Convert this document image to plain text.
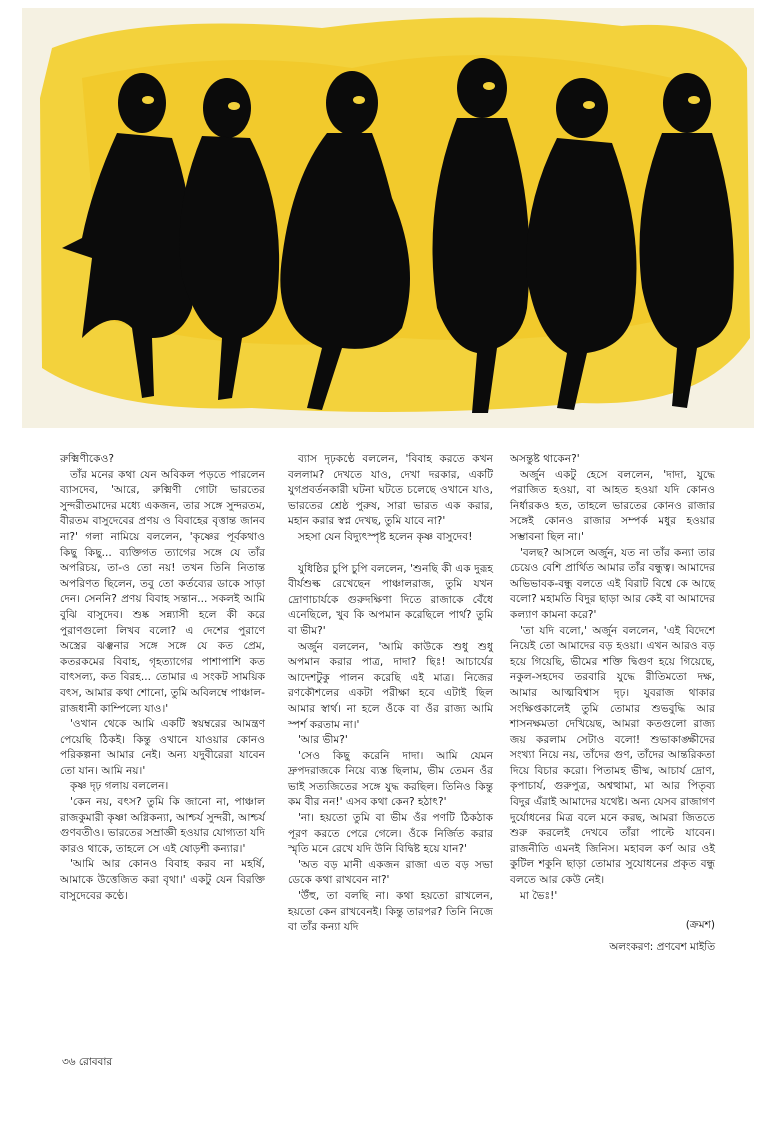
রুক্মিণীকেও?

তাঁর মনের কথা যেন অবিকল পড়তে পারলেন ব্যাসদেব, 'আরে, রুক্মিণী গোটা ভারতের সুন্দরীতমাদের মধ্যে একজন, তার সঙ্গে সুন্দরতম, বীরতম বাসুদেবের প্রণয় ও বিবাহের বৃত্তান্ত জানব না?' গলা নামিয়ে বললেন, 'কৃষ্ণের পূর্বকথাও কিছু কিছু... ব্যক্তিগত ত্যাগের সঙ্গে যে তাঁর অপরিচয়, তা-ও তো নয়! তখন তিনি নিতান্ত অপরিণত ছিলেন, তবু তো কর্তব্যের ডাকে সাড়া দেন। সেননি? প্রণয় বিবাহ সন্তান... সকলই আমি বুঝি বাসুদেব। শুষ্ক সন্ন্যাসী হলে কী করে পুরাণগুলো লিখব বলো? এ দেশের পুরাণে অস্ত্রের ঝঞ্ঝনার সঙ্গে সঙ্গে যে কত প্রেম, কতরকমের বিবাহ, গৃহত্যাগের পাশাপাশি কত বাৎসল্য, কত বিরহ... তোমার এ সংকট সাময়িক বৎস, আমার কথা শোনো, তুমি অবিলম্বে পাঞ্চাল-রাজধানী কাম্পিল্যে যাও।'

'ওখান থেকে আমি একটি স্বয়ম্বরের আমন্ত্রণ পেয়েছি ঠিকই। কিন্তু ওখানে যাওয়ার কোনও পরিকল্পনা আমার নেই। অন্য যদুবীরেরা যাবেন তো যান। আমি নয়।'

কৃষ্ণ দৃঢ় গলায় বললেন।

'কেন নয়, বৎস? তুমি কি জানো না, পাঞ্চাল রাজকুমারী কৃষ্ণা অগ্নিকন্যা, আশ্চর্য সুন্দরী, আশ্চর্য গুণবতীও। ভারতের সম্রাজ্ঞী হওয়ার যোগ্যতা যদি কারও থাকে, তাহলে সে এই ষোড়শী কন্যার।'

'আমি আর কোনও বিবাহ করব না মহর্ষি, আমাকে উত্তেজিত করা বৃথা।' একটু যেন বিরক্তি বাসুদেবের কণ্ঠে।

ব্যাস দৃঢ়কণ্ঠে বললেন, 'বিবাহ করতে কখন বললাম? দেখতে যাও, দেখা দরকার, একটি যুগপ্রবর্তনকারী ঘটনা ঘটতে চলেছে ওখানে যাও, ভারতের শ্রেষ্ঠ পুরুষ, সারা ভারত এক করার, মহান করার স্বপ্ন দেখছ, তুমি যাবে না?'

সহসা যেন বিদ্যুৎস্পৃষ্ট হলেন কৃষ্ণ বাসুদেব!

যুধিষ্ঠির চুপি চুপি বললেন, 'শুনছি কী এক দুরূহ বীর্যশুল্ক রেখেছেন পাঞ্চালরাজ, তুমি যখন দ্রোণাচার্যকে গুরুদক্ষিণা দিতে রাজাকে বেঁধে এনেছিলে, খুব কি অপমান করেছিলে পার্থ? তুমি বা ভীম?'

অর্জুন বললেন, 'আমি কাউকে শুধু শুধু অপমান করার পাত্র, দাদা? ছিঃ! আচার্যের আদেশটুকু পালন করেছি এই মাত্র। নিজের রণকৌশলের একটা পরীক্ষা হবে এটাই ছিল আমার স্বার্থ। না হলে ওঁকে বা ওঁর রাজ্য আমি স্পর্শ করতাম না।'

'আর ভীম?'

'সেও কিছু করেনি দাদা। আমি যেমন দ্রুপদরাজকে নিয়ে ব্যস্ত ছিলাম, ভীম তেমন ওঁর ভাই সত্যজিতের সঙ্গে যুদ্ধ করছিল। তিনিও কিন্তু কম বীর নন!' এসব কথা কেন? হঠাৎ?'

'না। হয়তো তুমি বা ভীম ওঁর পণটি ঠিকঠাক পূরণ করতে পেরে গেলে। ওঁকে নির্জিত করার স্মৃতি মনে রেখে যদি উনি বিদ্বিষ্ট হয়ে যান?'

'অত বড় মানী একজন রাজা এত বড় সভা ডেকে কথা রাখবেন না?'

'উঁহু, তা বলছি না। কথা হয়তো রাখলেন, হয়তো কেন রাখবেনই। কিন্তু তারপর? তিনি নিজে বা তাঁর কন্যা যদি

অসন্তুষ্ট থাকেন?'

অর্জুন একটু হেসে বললেন, 'দাদা, যুদ্ধে পরাজিত হওয়া, বা আহত হওয়া যদি কোনও নির্ধারকও হত, তাহলে ভারতের কোনও রাজার সঙ্গেই কোনও রাজার সম্পর্ক মধুর হওয়ার সম্ভাবনা ছিল না।'

'বলছ? আসলে অর্জুন, যত না তাঁর কন্যা তার চেয়েও বেশি প্রার্থিত আমার তাঁর বন্ধুত্ব। আমাদের অভিভাবক-বন্ধু বলতে এই বিরাট বিশ্বে কে আছে বলো? মহামতি বিদুর ছাড়া আর কেই বা আমাদের কল্যাণ কামনা করে?'

'তা যদি বলো,' অর্জুন বললেন, 'এই বিদেশে নিয়েই তো আমাদের বড় হওয়া। এখন আরও বড় হয়ে গিয়েছি, ভীমের শক্তি দ্বিগুণ হয়ে গিয়েছে, নকুল-সহদেব তরবারি যুদ্ধে রীতিমতো দক্ষ, আমার আত্মবিশ্বাস দৃঢ়। যুবরাজ থাকার সংক্ষিপ্তকালেই তুমি তোমার শুভবুদ্ধি আর শাসনক্ষমতা দেখিয়েছ, আমরা কতগুলো রাজ্য জয় করলাম সেটাও বলো! শুভাকাঙ্ক্ষীদের সংখ্যা নিয়ে নয়, তাঁদের গুণ, তাঁদের আন্তরিকতা দিয়ে বিচার করো। পিতামহ ভীষ্ম, আচার্য দ্রোণ, কৃপাচার্য, গুরুপুত্র, অশ্বত্থামা, মা আর পিতৃব্য বিদুর এঁরাই আমাদের যথেষ্ট। অন্য যেসব রাজাগণ দুর্যোধনের মিত্র বলে মনে করছ, আমরা জিততে শুরু করলেই দেখবে তাঁরা পাল্টে যাবেন। রাজনীতি এমনই জিনিস। মহাবল কর্ণ আর ওই কুটিল শকুনি ছাড়া তোমার সুযোধনের প্রকৃত বন্ধু বলতে আর কেউ নেই।

মা ভৈঃ!'

(ক্রমশ)
অলংকরণ: প্রণবেশ মাইতি
৩৬ রোববার
